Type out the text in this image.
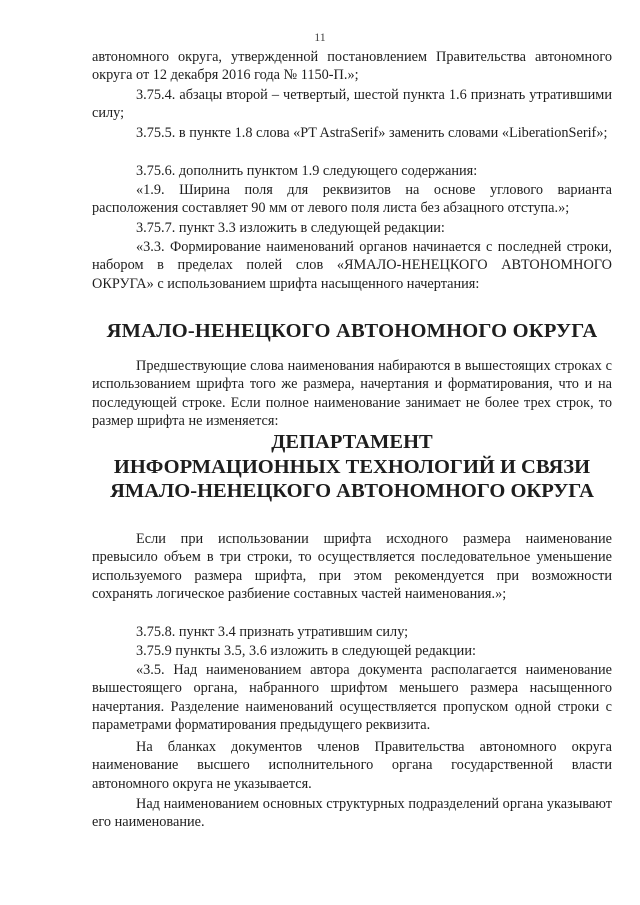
11

автономного округа, утвержденной постановлением Правительства автономного округа от 12 декабря 2016 года № 1150-П.»;

3.75.4. абзацы второй – четвертый, шестой пункта 1.6 признать утратившими силу;

3.75.5. в пункте 1.8 слова «PT AstraSerif» заменить словами «LiberationSerif»;

3.75.6. дополнить пунктом 1.9 следующего содержания:

«1.9. Ширина поля для реквизитов на основе углового варианта расположения составляет 90 мм от левого поля листа без абзацного отступа.»;

3.75.7. пункт 3.3 изложить в следующей редакции:

«3.3. Формирование наименований органов начинается с последней строки, набором в пределах полей слов «ЯМАЛО-НЕНЕЦКОГО АВТОНОМНОГО ОКРУГА» с использованием шрифта насыщенного начертания:

ЯМАЛО-НЕНЕЦКОГО АВТОНОМНОГО ОКРУГА

Предшествующие слова наименования набираются в вышестоящих строках с использованием шрифта того же размера, начертания и форматирования, что и на последующей строке. Если полное наименование занимает не более трех строк, то размер шрифта не изменяется:

ДЕПАРТАМЕНТ
ИНФОРМАЦИОННЫХ ТЕХНОЛОГИЙ И СВЯЗИ
ЯМАЛО-НЕНЕЦКОГО АВТОНОМНОГО ОКРУГА

Если при использовании шрифта исходного размера наименование превысило объем в три строки, то осуществляется последовательное уменьшение используемого размера шрифта, при этом рекомендуется при возможности сохранять логическое разбиение составных частей наименования.»;

3.75.8. пункт 3.4 признать утратившим силу;

3.75.9 пункты 3.5, 3.6 изложить в следующей редакции:

«3.5. Над наименованием автора документа располагается наименование вышестоящего органа, набранного шрифтом меньшего размера насыщенного начертания. Разделение наименований осуществляется пропуском одной строки с параметрами форматирования предыдущего реквизита.

На бланках документов членов Правительства автономного округа наименование высшего исполнительного органа государственной власти автономного округа не указывается.

Над наименованием основных структурных подразделений органа указывают его наименование.
